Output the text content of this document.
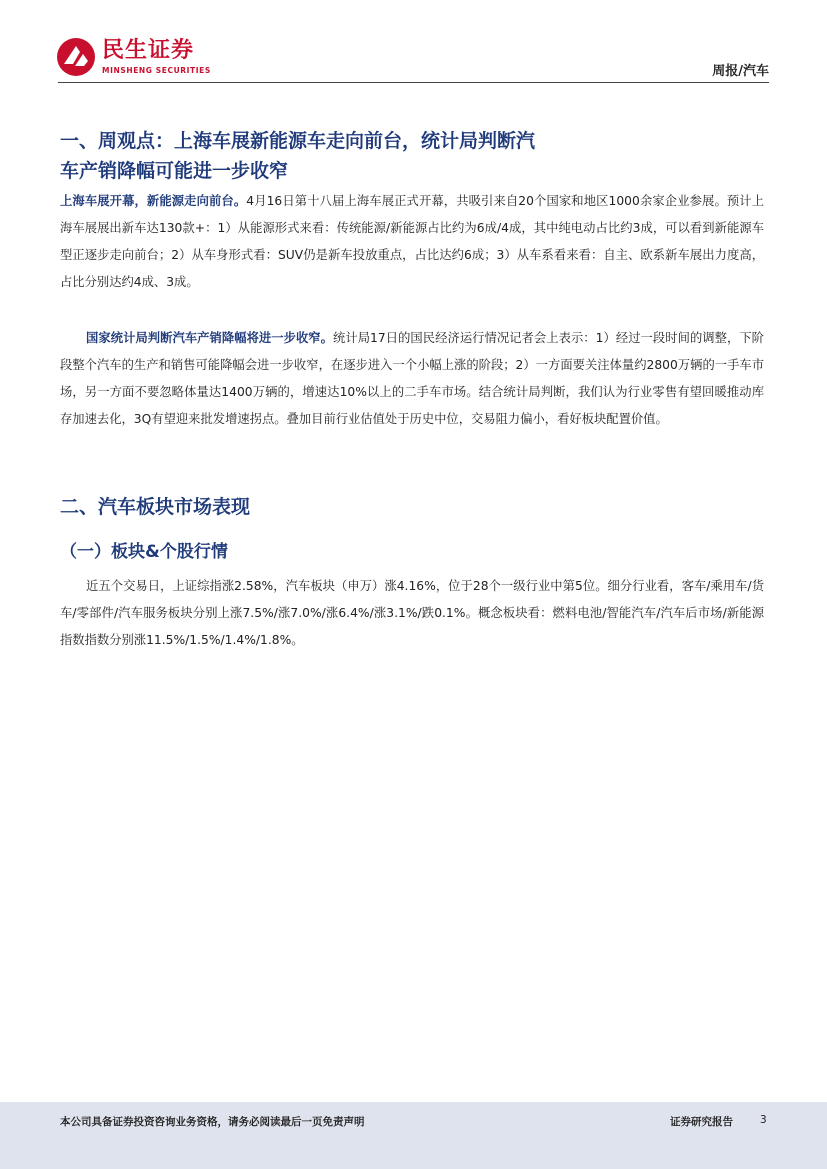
民生证券
MINSHENG SECURITIES	周报/汽车
一、周观点：上海车展新能源车走向前台，统计局判断汽
车产销降幅可能进一步收窄

上海车展开幕，新能源走向前台。4月16日第十八届上海车展正式开幕，共吸引来自20个国家和地区1000余家企业参展。预计上海车展展出新车达130款+：1）从能源形式来看：传统能源/新能源占比约为6成/4成，其中纯电动占比约3成，可以看到新能源车型正逐步走向前台；2）从车身形式看：SUV仍是新车投放重点，占比达约6成；3）从车系看来看：自主、欧系新车展出力度高，占比分别达约4成、3成。

国家统计局判断汽车产销降幅将进一步收窄。统计局17日的国民经济运行情况记者会上表示：1）经过一段时间的调整，下阶段整个汽车的生产和销售可能降幅会进一步收窄，在逐步进入一个小幅上涨的阶段；2）一方面要关注体量约2800万辆的一手车市场，另一方面不要忽略体量达1400万辆的，增速达10%以上的二手车市场。结合统计局判断，我们认为行业零售有望回暖推动库存加速去化，3Q有望迎来批发增速拐点。叠加目前行业估值处于历史中位，交易阻力偏小，看好板块配置价值。

二、汽车板块市场表现
（一）板块&个股行情

近五个交易日，上证综指涨2.58%，汽车板块（申万）涨4.16%，位于28个一级行业中第5位。细分行业看，客车/乘用车/货车/零部件/汽车服务板块分别上涨7.5%/涨7.0%/涨6.4%/涨3.1%/跌0.1%。概念板块看：燃料电池/智能汽车/汽车后市场/新能源指数指数分别涨11.5%/1.5%/1.4%/1.8%。

本公司具备证券投资咨询业务资格，请务必阅读最后一页免责声明	证券研究报告	3
